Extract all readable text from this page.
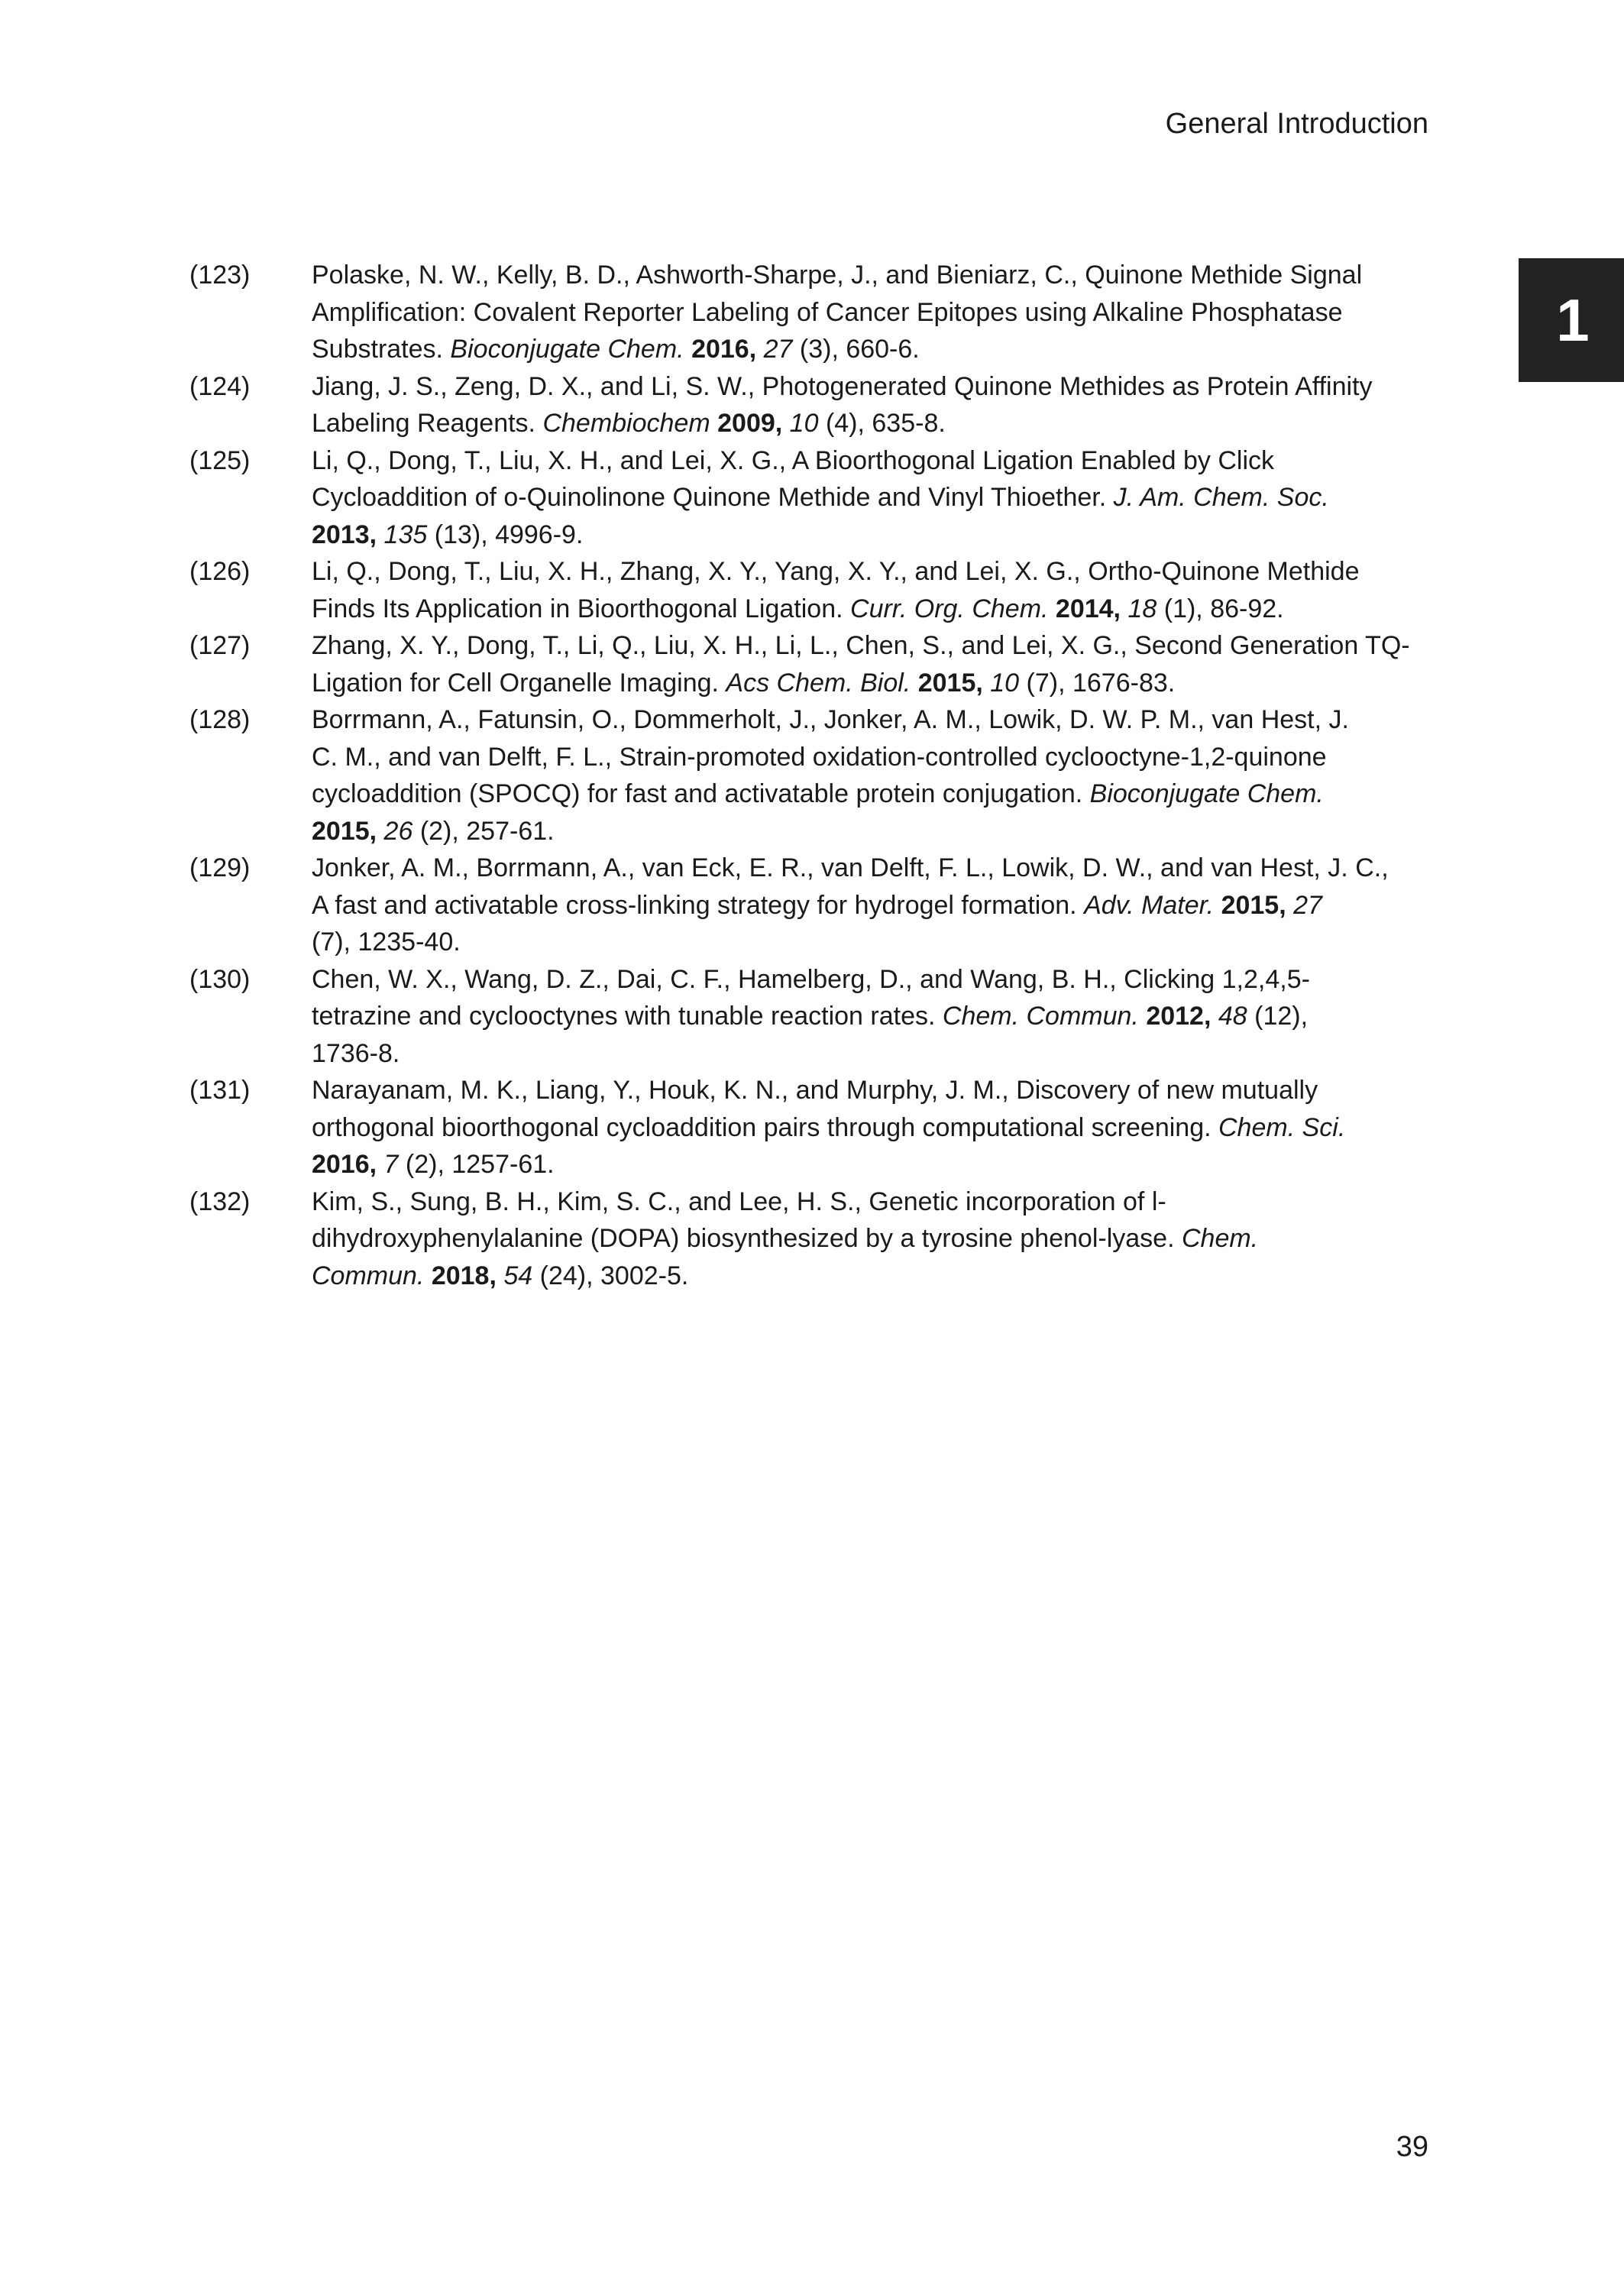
General Introduction
1
(123)	Polaske, N. W., Kelly, B. D., Ashworth-Sharpe, J., and Bieniarz, C., Quinone Methide Signal
Amplification: Covalent Reporter Labeling of Cancer Epitopes using Alkaline Phosphatase
Substrates. Bioconjugate Chem. 2016, 27 (3), 660-6.
(124)	Jiang, J. S., Zeng, D. X., and Li, S. W., Photogenerated Quinone Methides as Protein Affinity
Labeling Reagents. Chembiochem 2009, 10 (4), 635-8.
(125)	Li, Q., Dong, T., Liu, X. H., and Lei, X. G., A Bioorthogonal Ligation Enabled by Click
Cycloaddition of o-Quinolinone Quinone Methide and Vinyl Thioether. J. Am. Chem. Soc.
2013, 135 (13), 4996-9.
(126)	Li, Q., Dong, T., Liu, X. H., Zhang, X. Y., Yang, X. Y., and Lei, X. G., Ortho-Quinone Methide
Finds Its Application in Bioorthogonal Ligation. Curr. Org. Chem. 2014, 18 (1), 86-92.
(127)	Zhang, X. Y., Dong, T., Li, Q., Liu, X. H., Li, L., Chen, S., and Lei, X. G., Second Generation TQ-
Ligation for Cell Organelle Imaging. Acs Chem. Biol. 2015, 10 (7), 1676-83.
(128)	Borrmann, A., Fatunsin, O., Dommerholt, J., Jonker, A. M., Lowik, D. W. P. M., van Hest, J.
C. M., and van Delft, F. L., Strain-promoted oxidation-controlled cyclooctyne-1,2-quinone
cycloaddition (SPOCQ) for fast and activatable protein conjugation. Bioconjugate Chem.
2015, 26 (2), 257-61.
(129)	Jonker, A. M., Borrmann, A., van Eck, E. R., van Delft, F. L., Lowik, D. W., and van Hest, J. C.,
A fast and activatable cross-linking strategy for hydrogel formation. Adv. Mater. 2015, 27
(7), 1235-40.
(130)	Chen, W. X., Wang, D. Z., Dai, C. F., Hamelberg, D., and Wang, B. H., Clicking 1,2,4,5-
tetrazine and cyclooctynes with tunable reaction rates. Chem. Commun. 2012, 48 (12),
1736-8.
(131)	Narayanam, M. K., Liang, Y., Houk, K. N., and Murphy, J. M., Discovery of new mutually
orthogonal bioorthogonal cycloaddition pairs through computational screening. Chem. Sci.
2016, 7 (2), 1257-61.
(132)	Kim, S., Sung, B. H., Kim, S. C., and Lee, H. S., Genetic incorporation of l-
dihydroxyphenylalanine (DOPA) biosynthesized by a tyrosine phenol-lyase. Chem.
Commun. 2018, 54 (24), 3002-5.
39
